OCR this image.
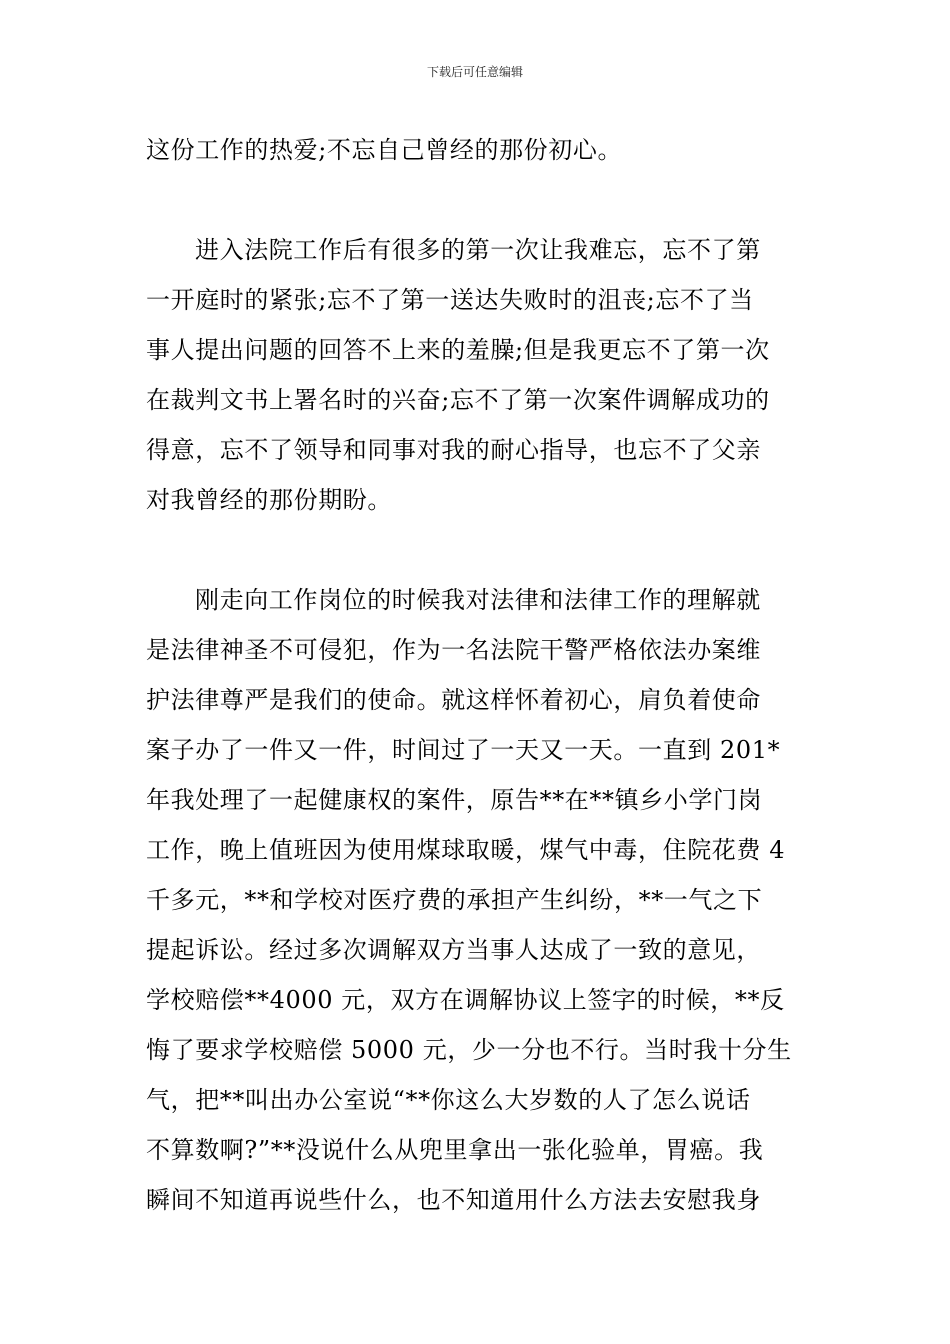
下载后可任意编辑
这份工作的热爱;不忘自己曾经的那份初心。
进入法院工作后有很多的第一次让我难忘，忘不了第
一开庭时的紧张;忘不了第一送达失败时的沮丧;忘不了当
事人提出问题的回答不上来的羞臊;但是我更忘不了第一次
在裁判文书上署名时的兴奋;忘不了第一次案件调解成功的
得意，忘不了领导和同事对我的耐心指导，也忘不了父亲
对我曾经的那份期盼。
刚走向工作岗位的时候我对法律和法律工作的理解就
是法律神圣不可侵犯，作为一名法院干警严格依法办案维
护法律尊严是我们的使命。就这样怀着初心，肩负着使命
案子办了一件又一件，时间过了一天又一天。一直到 201*
年我处理了一起健康权的案件，原告**在**镇乡小学门岗
工作，晚上值班因为使用煤球取暖，煤气中毒，住院花费 4
千多元，**和学校对医疗费的承担产生纠纷，**一气之下
提起诉讼。经过多次调解双方当事人达成了一致的意见，
学校赔偿**4000 元，双方在调解协议上签字的时候，**反
悔了要求学校赔偿 5000 元，少一分也不行。当时我十分生
气，把**叫出办公室说“**你这么大岁数的人了怎么说话
不算数啊?”**没说什么从兜里拿出一张化验单，胃癌。我
瞬间不知道再说些什么，也不知道用什么方法去安慰我身
